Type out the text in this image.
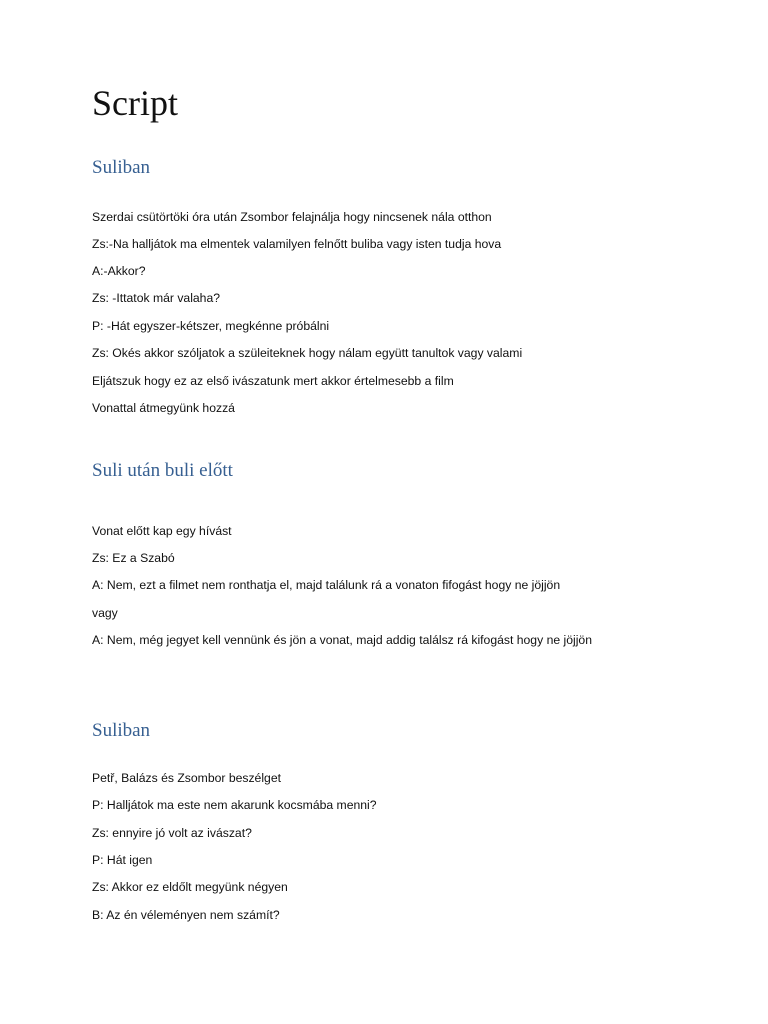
Script
Suliban
Szerdai csütörtöki óra után Zsombor felajnálja hogy nincsenek nála otthon
Zs:-Na halljátok ma elmentek valamilyen felnőtt buliba vagy isten tudja hova
A:-Akkor?
Zs: -Ittatok már valaha?
P: -Hát egyszer-kétszer, megkénne próbálni
Zs: Okés akkor szóljatok a szüleiteknek hogy nálam együtt tanultok vagy valami
Eljátszuk hogy ez az első ivászatunk mert akkor értelmesebb a film
Vonattal átmegyünk hozzá
Suli után buli előtt
Vonat előtt kap egy hívást
Zs: Ez a Szabó
A: Nem, ezt a filmet nem ronthatja el, majd találunk rá a vonaton fifogást hogy ne jöjjön
vagy
A: Nem, még jegyet kell vennünk és jön a vonat, majd addig találsz rá kifogást hogy ne jöjjön
Suliban
Petř, Balázs és Zsombor beszélget
P: Halljátok ma este nem akarunk kocsmába menni?
Zs: ennyire jó volt az ivászat?
P: Hát igen
Zs: Akkor ez eldőlt megyünk négyen
B: Az én véleményen nem számít?
